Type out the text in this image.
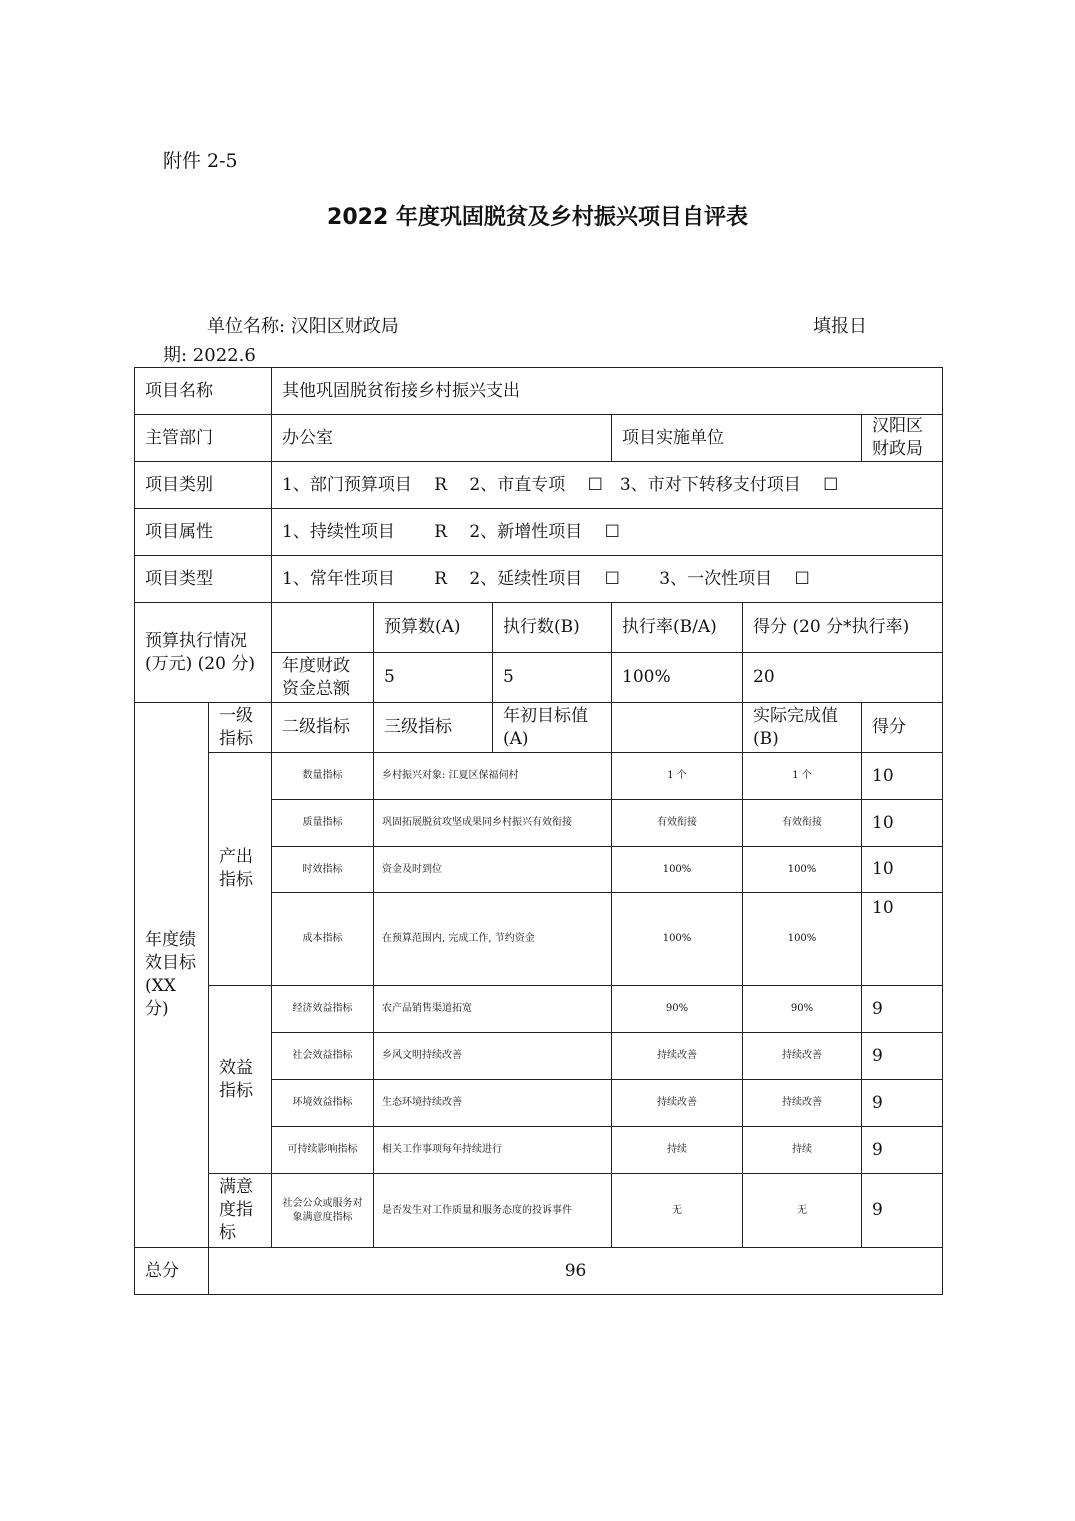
附件 2-5
2022 年度巩固脱贫及乡村振兴项目自评表
单位名称: 汉阳区财政局	填报日
期: 2022.6
项目名称		其他巩固脱贫衔接乡村振兴支出					
主管部门		办公室			项目实施单位		汉阳区财政局
项目类别		1、部门预算项目　 R　 2、市直专项　 ☐　3、市对下转移支付项目　 ☐					
项目属性		1、持续性项目　　 R　 2、新增性项目　 ☐					
项目类型		1、常年性项目　　 R　 2、延续性项目　 ☐　　 3、一次性项目　 ☐					
预算执行情况 (万元) (20 分)			预算数(A)	执行数(B)	执行率(B/A)	得分 (20 分*执行率)	
		年度财政资金总额	5	5	100%	20	
年度绩效目标 (XX 分)	一级指标	二级指标	三级指标	年初目标值(A)		实际完成值(B)	得分
	产出指标	数量指标	乡村振兴对象: 江夏区保福伺村		1 个	1 个	10
		质量指标	巩固拓展脱贫攻坚成果同乡村振兴有效衔接		有效衔接	有效衔接	10
		时效指标	资金及时到位		100%	100%	10
		成本指标	在预算范围内, 完成工作, 节约资金		100%	100%	10
	效益指标	经济效益指标	农产品销售渠道拓宽		90%	90%	9
		社会效益指标	乡风文明持续改善		持续改善	持续改善	9
		环境效益指标	生态环境持续改善		持续改善	持续改善	9
		可持续影响指标	相关工作事项每年持续进行		持续	持续	9
	满意度指标	社会公众或服务对象满意度指标	是否发生对工作质量和服务态度的投诉事件		无	无	9
总分	96						
